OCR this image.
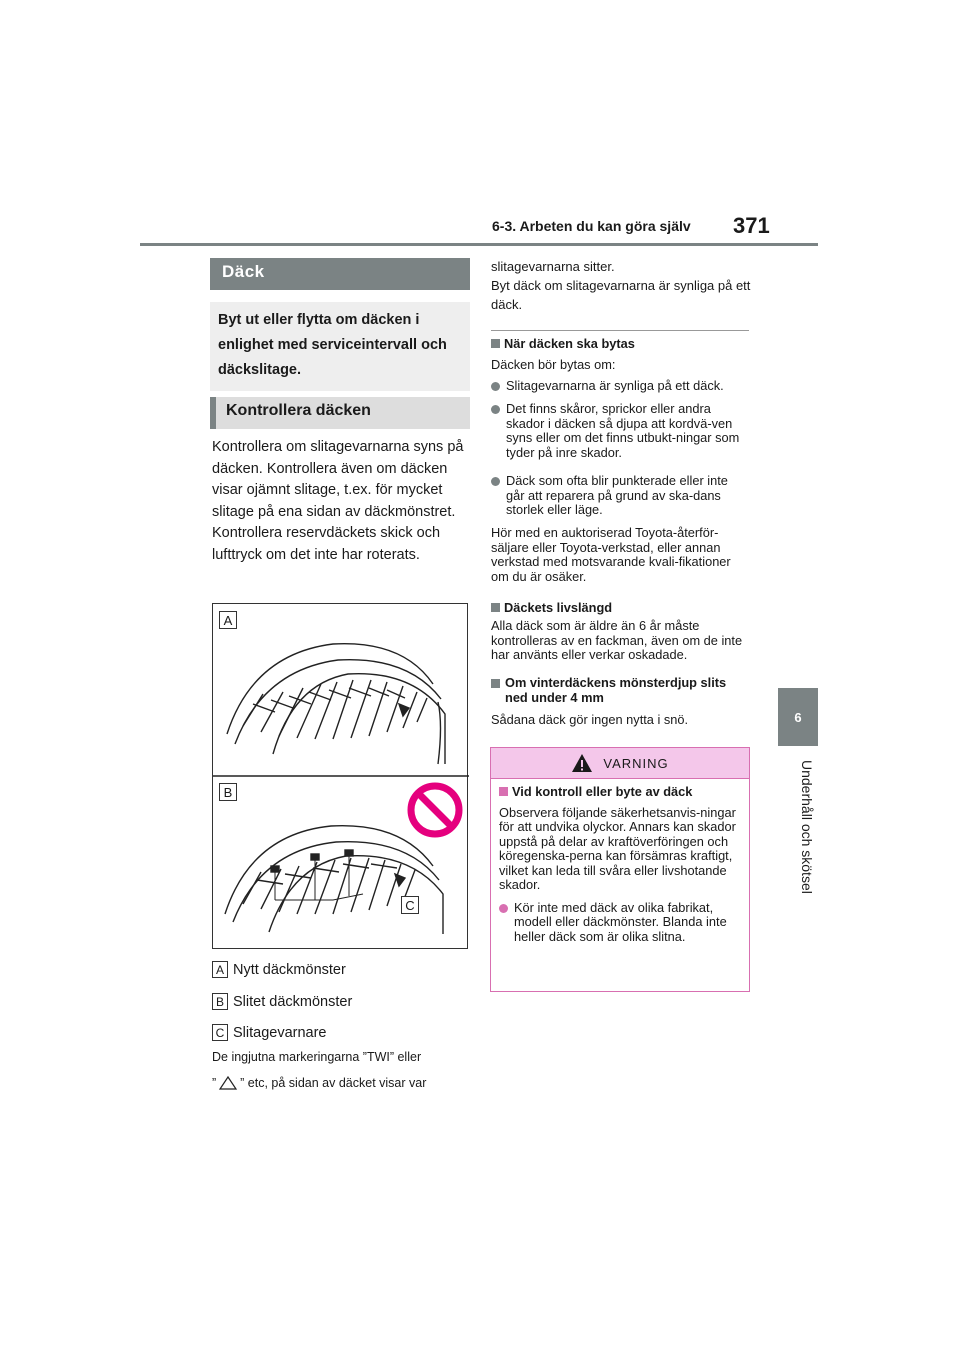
6-3. Arbeten du kan göra själv 371
6
Underhåll och skötsel
Däck
Byt ut eller flytta om däcken i enlighet med serviceintervall och däckslitage.
Kontrollera däcken

Kontrollera om slitagevarnarna syns på däcken. Kontrollera även om däcken visar ojämnt slitage, t.ex. för mycket slitage på ena sidan av däckmönstret.

Kontrollera reservdäckets skick och lufttryck om det inte har roterats.

A
B
C
A Nytt däckmönster
B Slitet däckmönster
C Slitagevarnare
De ingjutna markeringarna ”TWI” eller
” ” etc, på sidan av däcket visar var

slitagevarnarna sitter.

Byt däck om slitagevarnarna är synliga på ett däck.

När däcken ska bytas
Däcken bör bytas om:
Slitagevarnarna är synliga på ett däck.
Det finns skåror, sprickor eller andra skador i däcken så djupa att kordvä-ven syns eller om det finns utbukt-ningar som tyder på inre skador.
Däck som ofta blir punkterade eller inte går att reparera på grund av ska-dans storlek eller läge.
Hör med en auktoriserad Toyota-återför-säljare eller Toyota-verkstad, eller annan verkstad med motsvarande kvali-fikationer om du är osäker.
Däckets livslängd
Alla däck som är äldre än 6 år måste kontrolleras av en fackman, även om de inte har använts eller verkar oskadade.
Om vinterdäckens mönsterdjup slits ned under 4 mm
Sådana däck gör ingen nytta i snö.
VARNING
Vid kontroll eller byte av däck

Observera följande säkerhetsanvis-ningar för att undvika olyckor. Annars kan skador uppstå på delar av kraftöverföringen och köregenska-perna kan försämras kraftigt, vilket kan leda till svåra eller livshotande skador.

Kör inte med däck av olika fabrikat, modell eller däckmönster. Blanda inte heller däck som är olika slitna.
